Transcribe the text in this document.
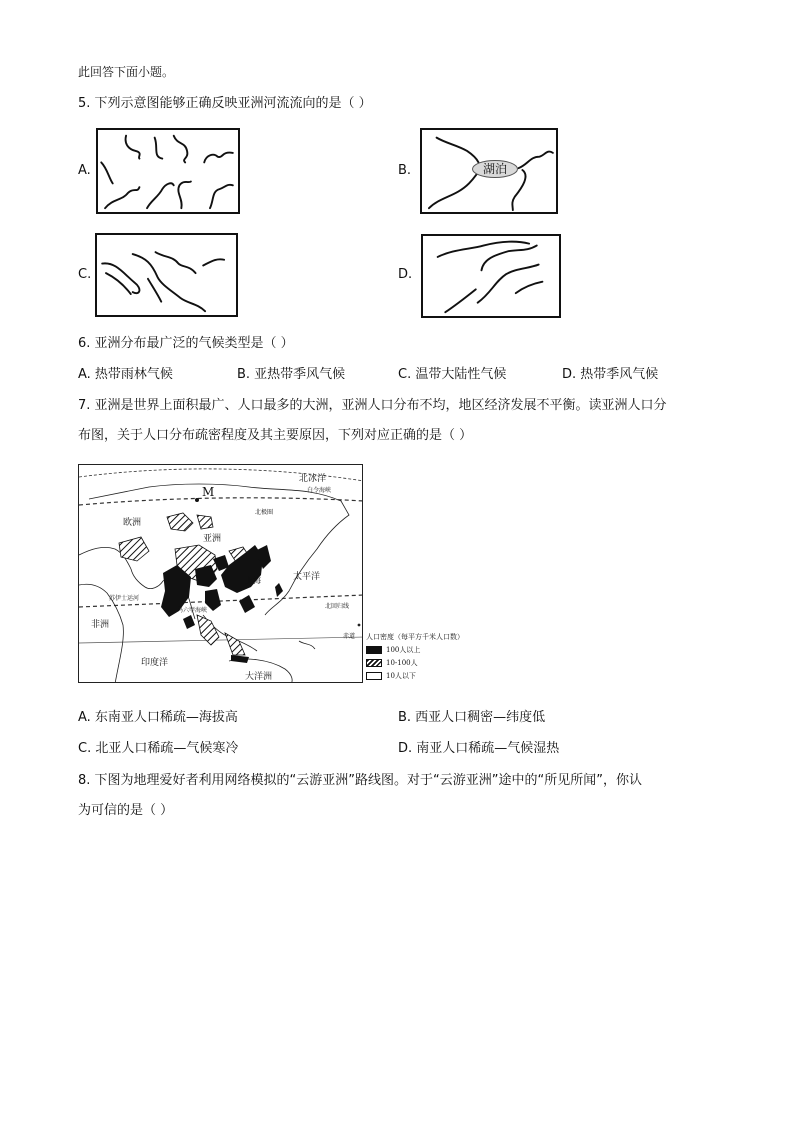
此回答下面小题。
5. 下列示意图能够正确反映亚洲河流流向的是（ ）
A.	B.	湖泊
C.	D.
6. 亚洲分布最广泛的气候类型是（ ）
A. 热带雨林气候	B. 亚热带季风气候	C. 温带大陆性气候	D. 热带季风气候
7. 亚洲是世界上面积最广、人口最多的大洲，亚洲人口分布不均，地区经济发展不平衡。读亚洲人口分
布图，关于人口分布疏密程度及其主要原因，下列对应正确的是（ ）
M
北冰洋
白令海峡
北极圈
欧洲
亚洲
上海	太平洋
苏伊士运河
北回归线
非洲
马六甲海峡
赤道
印度洋
大洋洲
人口密度（每平方千米人口数）
100人以上
10-100人
10人以下
A. 东南亚人口稀疏—海拔高	B. 西亚人口稠密—纬度低
C. 北亚人口稀疏—气候寒冷	D. 南亚人口稀疏—气候湿热
8. 下图为地理爱好者利用网络模拟的“云游亚洲”路线图。对于“云游亚洲”途中的“所见所闻”，你认
为可信的是（ ）
